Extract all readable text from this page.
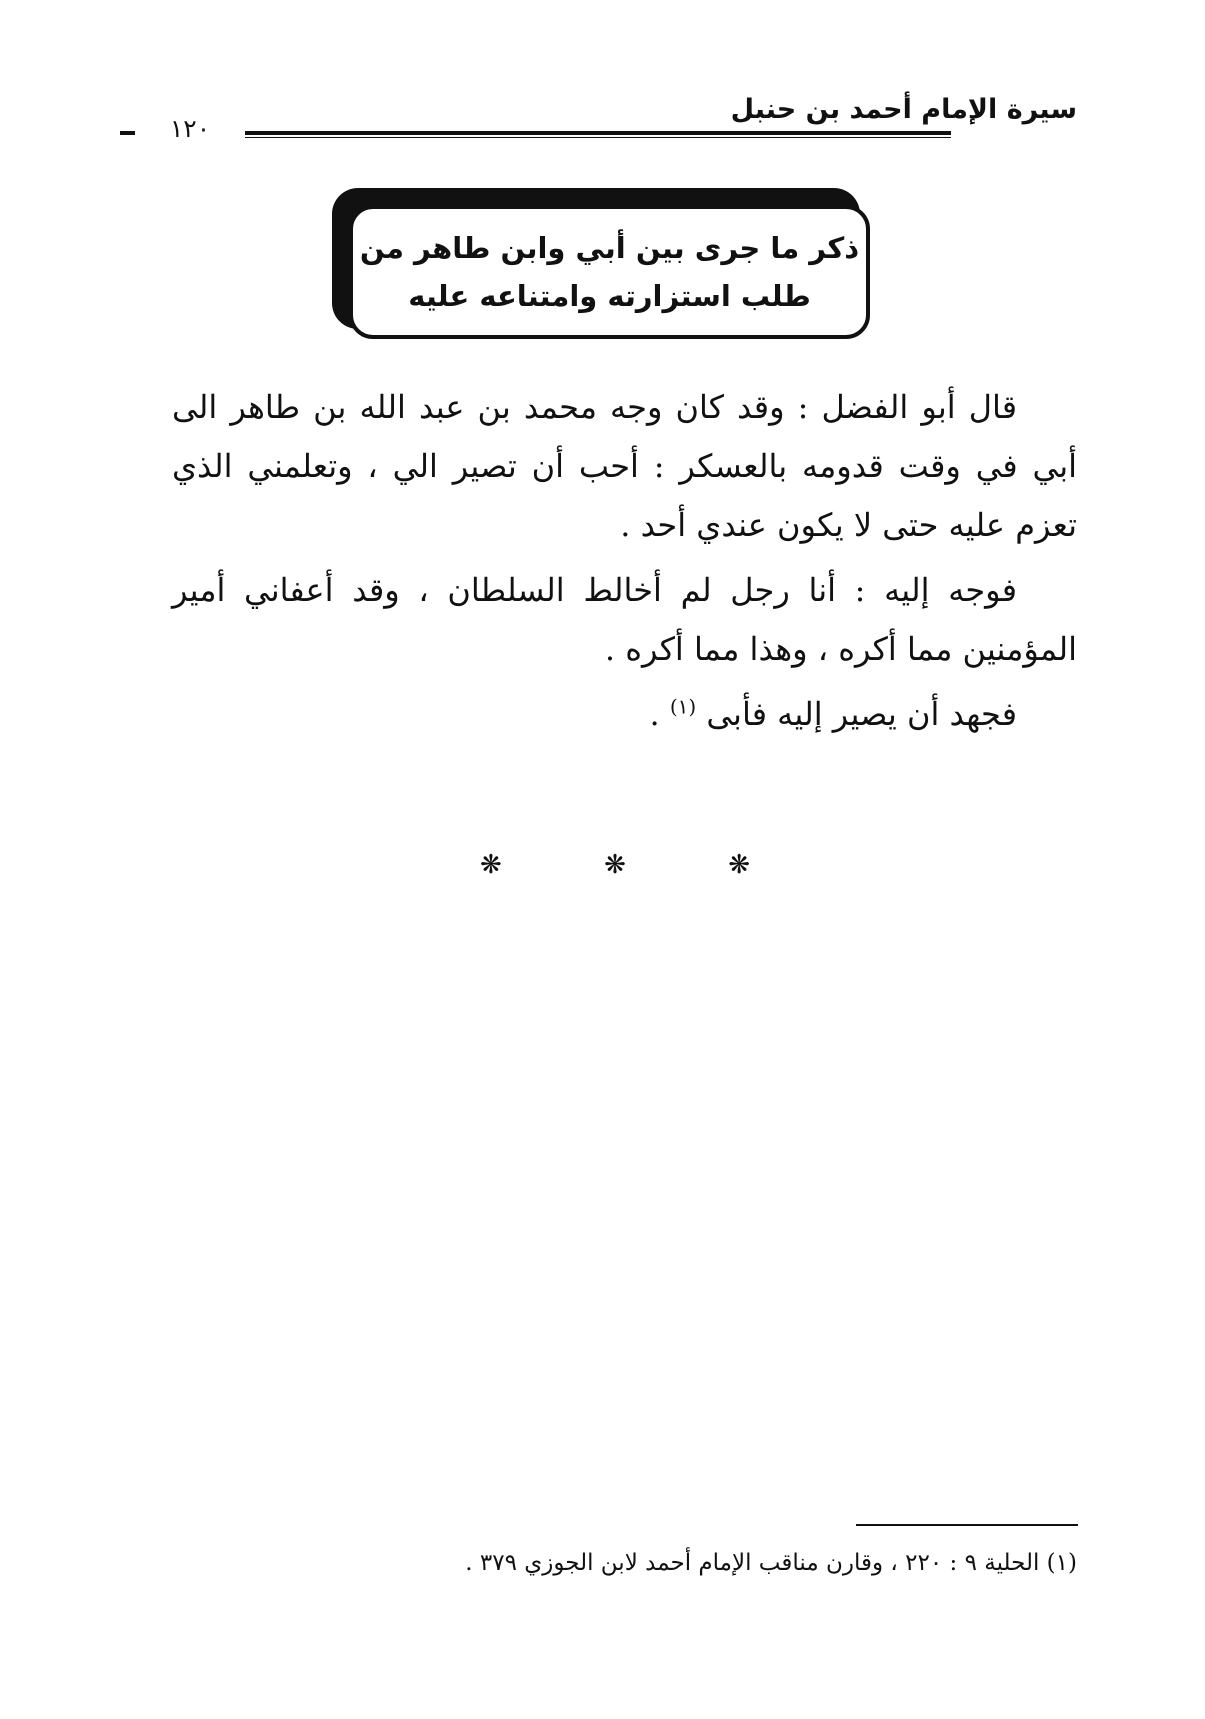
١٢٠
سيرة الإمام أحمد بن حنبل
ذكر ما جرى بين أبي وابن طاهر من
طلب استزارته وامتناعه عليه

قال أبو الفضل : وقد كان وجه محمد بن عبد الله بن طاهر الى أبي في وقت قدومه بالعسكر : أحب أن تصير الي ، وتعلمني الذي تعزم عليه حتى لا يكون عندي أحد .

فوجه إليه : أنا رجل لم أخالط السلطان ، وقد أعفاني أمير المؤمنين مما أكره ، وهذا مما أكره .

فجهد أن يصير إليه فأبى $^{(١)}$ .

❋	❋	❋
(١) الحلية ٩ : ٢٢٠ ، وقارن مناقب الإمام أحمد لابن الجوزي ٣٧٩ .
